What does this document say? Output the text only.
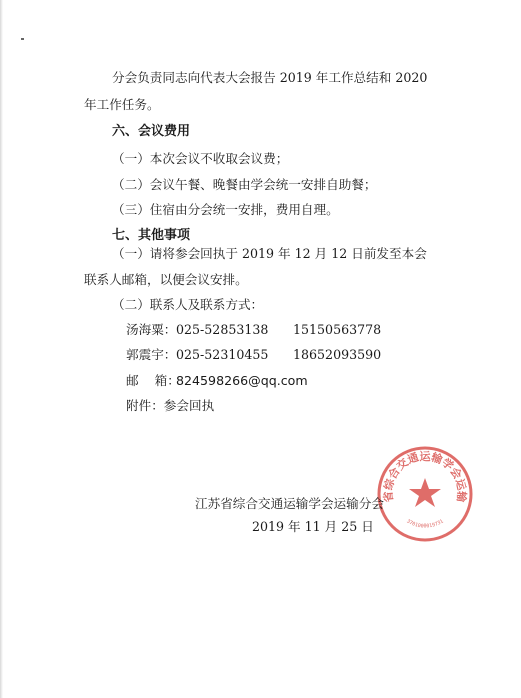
分会负责同志向代表大会报告 2019 年工作总结和 2020
年工作任务。
六、会议费用
（一）本次会议不收取会议费；
（二）会议午餐、晚餐由学会统一安排自助餐；
（三）住宿由分会统一安排，费用自理。
七、其他事项
（一）请将参会回执于 2019 年 12 月 12 日前发至本会
联系人邮箱，以便会议安排。
（二）联系人及联系方式：
汤海粟：025-52853138 15150563778
郭震宇：025-52310455 18652093590
邮    箱：824598266@qq.com
附件：参会回执
省综合交通运输学会运输
3701000019731
江苏省综合交通运输学会运输分会
2019 年 11 月 25 日
